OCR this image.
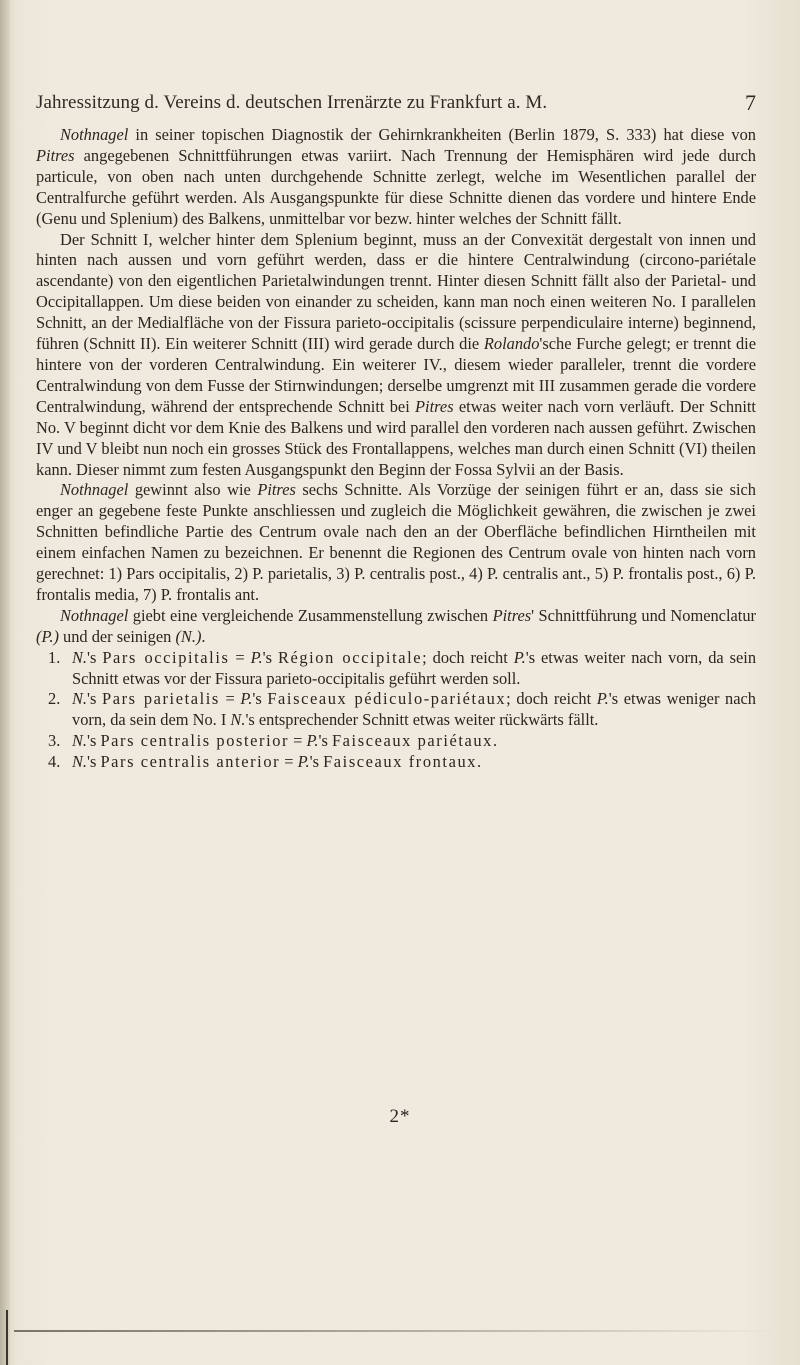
Jahressitzung d. Vereins d. deutschen Irrenärzte zu Frankfurt a. M.	7

Nothnagel in seiner topischen Diagnostik der Gehirnkrankheiten (Berlin 1879, S. 333) hat diese von Pitres angegebenen Schnittführungen etwas variirt. Nach Trennung der Hemisphären wird jede durch particule, von oben nach unten durchgehende Schnitte zerlegt, welche im Wesentlichen parallel der Centralfurche geführt werden. Als Ausgangspunkte für diese Schnitte dienen das vordere und hintere Ende (Genu und Splenium) des Balkens, unmittelbar vor bezw. hinter welches der Schnitt fällt.

Der Schnitt I, welcher hinter dem Splenium beginnt, muss an der Convexität dergestalt von innen und hinten nach aussen und vorn geführt werden, dass er die hintere Centralwindung (circono-pariétale ascendante) von den eigentlichen Parietalwindungen trennt. Hinter diesen Schnitt fällt also der Parietal- und Occipitallappen. Um diese beiden von einander zu scheiden, kann man noch einen weiteren No. I parallelen Schnitt, an der Medialfläche von der Fissura parieto-occipitalis (scissure perpendiculaire interne) beginnend, führen (Schnitt II). Ein weiterer Schnitt (III) wird gerade durch die Rolando'sche Furche gelegt; er trennt die hintere von der vorderen Centralwindung. Ein weiterer IV., diesem wieder paralleler, trennt die vordere Centralwindung von dem Fusse der Stirnwindungen; derselbe umgrenzt mit III zusammen gerade die vordere Centralwindung, während der entsprechende Schnitt bei Pitres etwas weiter nach vorn verläuft. Der Schnitt No. V beginnt dicht vor dem Knie des Balkens und wird parallel den vorderen nach aussen geführt. Zwischen IV und V bleibt nun noch ein grosses Stück des Frontallappens, welches man durch einen Schnitt (VI) theilen kann. Dieser nimmt zum festen Ausgangspunkt den Beginn der Fossa Sylvii an der Basis.

Nothnagel gewinnt also wie Pitres sechs Schnitte. Als Vorzüge der seinigen führt er an, dass sie sich enger an gegebene feste Punkte anschliessen und zugleich die Möglichkeit gewähren, die zwischen je zwei Schnitten befindliche Partie des Centrum ovale nach den an der Oberfläche befindlichen Hirntheilen mit einem einfachen Namen zu bezeichnen. Er benennt die Regionen des Centrum ovale von hinten nach vorn gerechnet: 1) Pars occipitalis, 2) P. parietalis, 3) P. centralis post., 4) P. centralis ant., 5) P. frontalis post., 6) P. frontalis media, 7) P. frontalis ant.

Nothnagel giebt eine vergleichende Zusammenstellung zwischen Pitres' Schnittführung und Nomenclatur (P.) und der seinigen (N.).

1. N.'s Pars occipitalis = P.'s Région occipitale; doch reicht P.'s etwas weiter nach vorn, da sein Schnitt etwas vor der Fissura parieto-occipitalis geführt werden soll.

2. N.'s Pars parietalis = P.'s Faisceaux pédiculo-pariétaux; doch reicht P.'s etwas weniger nach vorn, da sein dem No. I N.'s entsprechender Schnitt etwas weiter rückwärts fällt.

3. N.'s Pars centralis posterior = P.'s Faisceaux pariétaux.

4. N.'s Pars centralis anterior = P.'s Faisceaux frontaux.

2*
